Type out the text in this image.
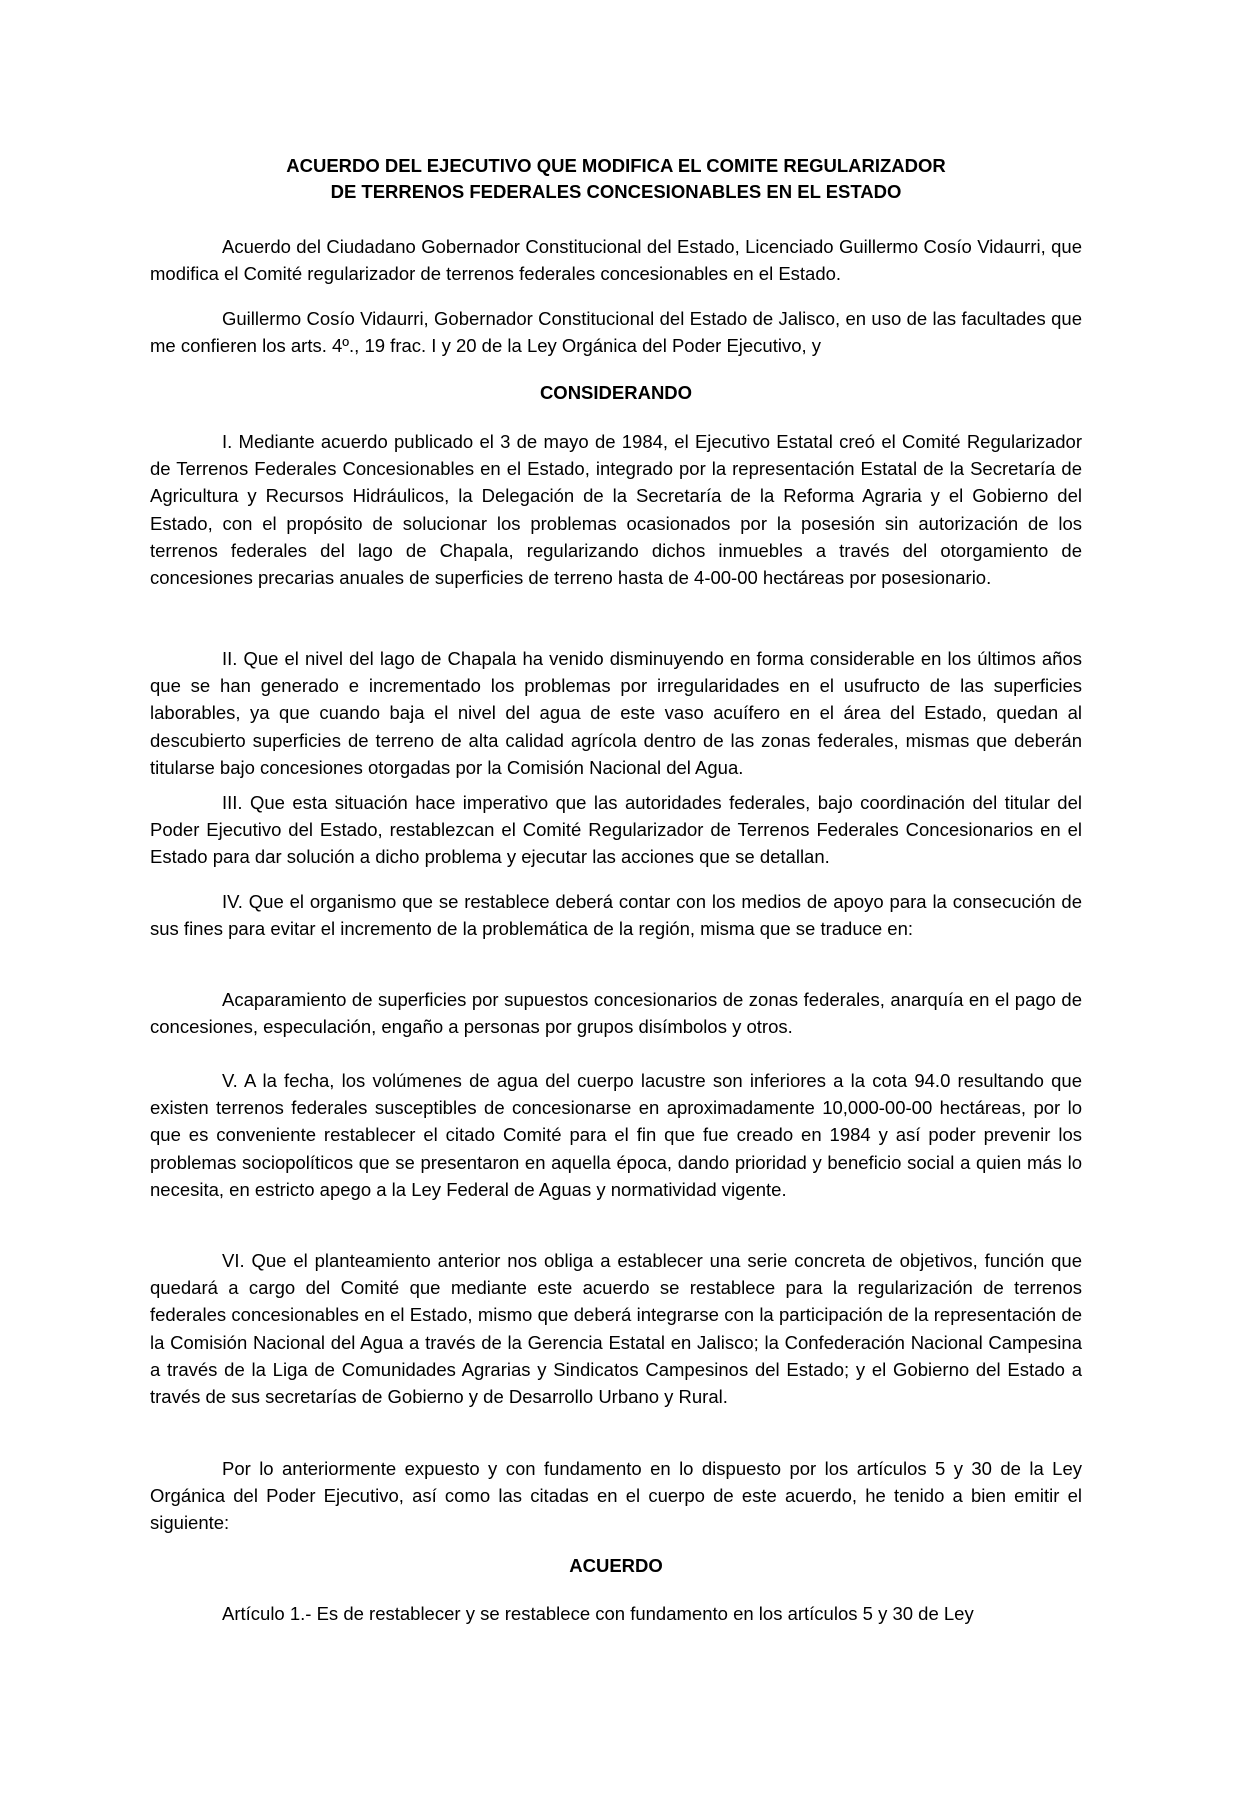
ACUERDO DEL EJECUTIVO QUE MODIFICA EL COMITE REGULARIZADOR

DE TERRENOS FEDERALES CONCESIONABLES EN EL ESTADO

Acuerdo del Ciudadano Gobernador Constitucional del Estado, Licenciado Guillermo Cosío Vidaurri, que modifica el Comité regularizador de terrenos federales concesionables en el Estado.

Guillermo Cosío Vidaurri, Gobernador Constitucional del Estado de Jalisco, en uso de las facultades que me confieren los arts. 4º., 19 frac. I y 20 de la Ley Orgánica del Poder Ejecutivo, y

CONSIDERANDO

I. Mediante acuerdo publicado el 3 de mayo de 1984, el Ejecutivo Estatal creó el Comité Regularizador de Terrenos Federales Concesionables en el Estado, integrado por la representación Estatal de la Secretaría de Agricultura y Recursos Hidráulicos, la Delegación de la Secretaría de la Reforma Agraria y el Gobierno del Estado, con el propósito de solucionar los problemas ocasionados por la posesión sin autorización de los terrenos federales del lago de Chapala, regularizando dichos inmuebles a través del otorgamiento de concesiones precarias anuales de superficies de terreno hasta de 4-00-00 hectáreas por posesionario.

II. Que el nivel del lago de Chapala ha venido disminuyendo en forma considerable en los últimos años que se han generado e incrementado los problemas por irregularidades en el usufructo de las superficies laborables, ya que cuando baja el nivel del agua de este vaso acuífero en el área del Estado, quedan al descubierto superficies de terreno de alta calidad agrícola dentro de las zonas federales, mismas que deberán titularse bajo concesiones otorgadas por la Comisión Nacional del Agua.

III. Que esta situación hace imperativo que las autoridades federales, bajo coordinación del titular del Poder Ejecutivo del Estado, restablezcan el Comité Regularizador de Terrenos Federales Concesionarios en el Estado para dar solución a dicho problema y ejecutar las acciones que se detallan.

IV. Que el organismo que se restablece deberá contar con los medios de apoyo para la consecución de sus fines para evitar el incremento de la problemática de la región, misma que se traduce en:

Acaparamiento de superficies por supuestos concesionarios de zonas federales, anarquía en el pago de concesiones, especulación, engaño a personas por grupos disímbolos y otros.

V. A la fecha, los volúmenes de agua del cuerpo lacustre son inferiores a la cota 94.0 resultando que existen terrenos federales susceptibles de concesionarse en aproximadamente 10,000-00-00 hectáreas, por lo que es conveniente restablecer el citado Comité para el fin que fue creado en 1984 y así poder prevenir los problemas sociopolíticos que se presentaron en aquella época, dando prioridad y beneficio social a quien más lo necesita, en estricto apego a la Ley Federal de Aguas y normatividad vigente.

VI. Que el planteamiento anterior nos obliga a establecer una serie concreta de objetivos, función que quedará a cargo del Comité que mediante este acuerdo se restablece para la regularización de terrenos federales concesionables en el Estado, mismo que deberá integrarse con la participación de la representación de la Comisión Nacional del Agua a través de la Gerencia Estatal en Jalisco; la Confederación Nacional Campesina a través de la Liga de Comunidades Agrarias y Sindicatos Campesinos del Estado; y el Gobierno del Estado a través de sus secretarías de Gobierno y de Desarrollo Urbano y Rural.

Por lo anteriormente expuesto y con fundamento en lo dispuesto por los artículos 5 y 30 de la Ley Orgánica del Poder Ejecutivo, así como las citadas en el cuerpo de este acuerdo, he tenido a bien emitir el siguiente:

ACUERDO

Artículo 1.- Es de restablecer y se restablece con fundamento en los artículos 5 y 30 de Ley
